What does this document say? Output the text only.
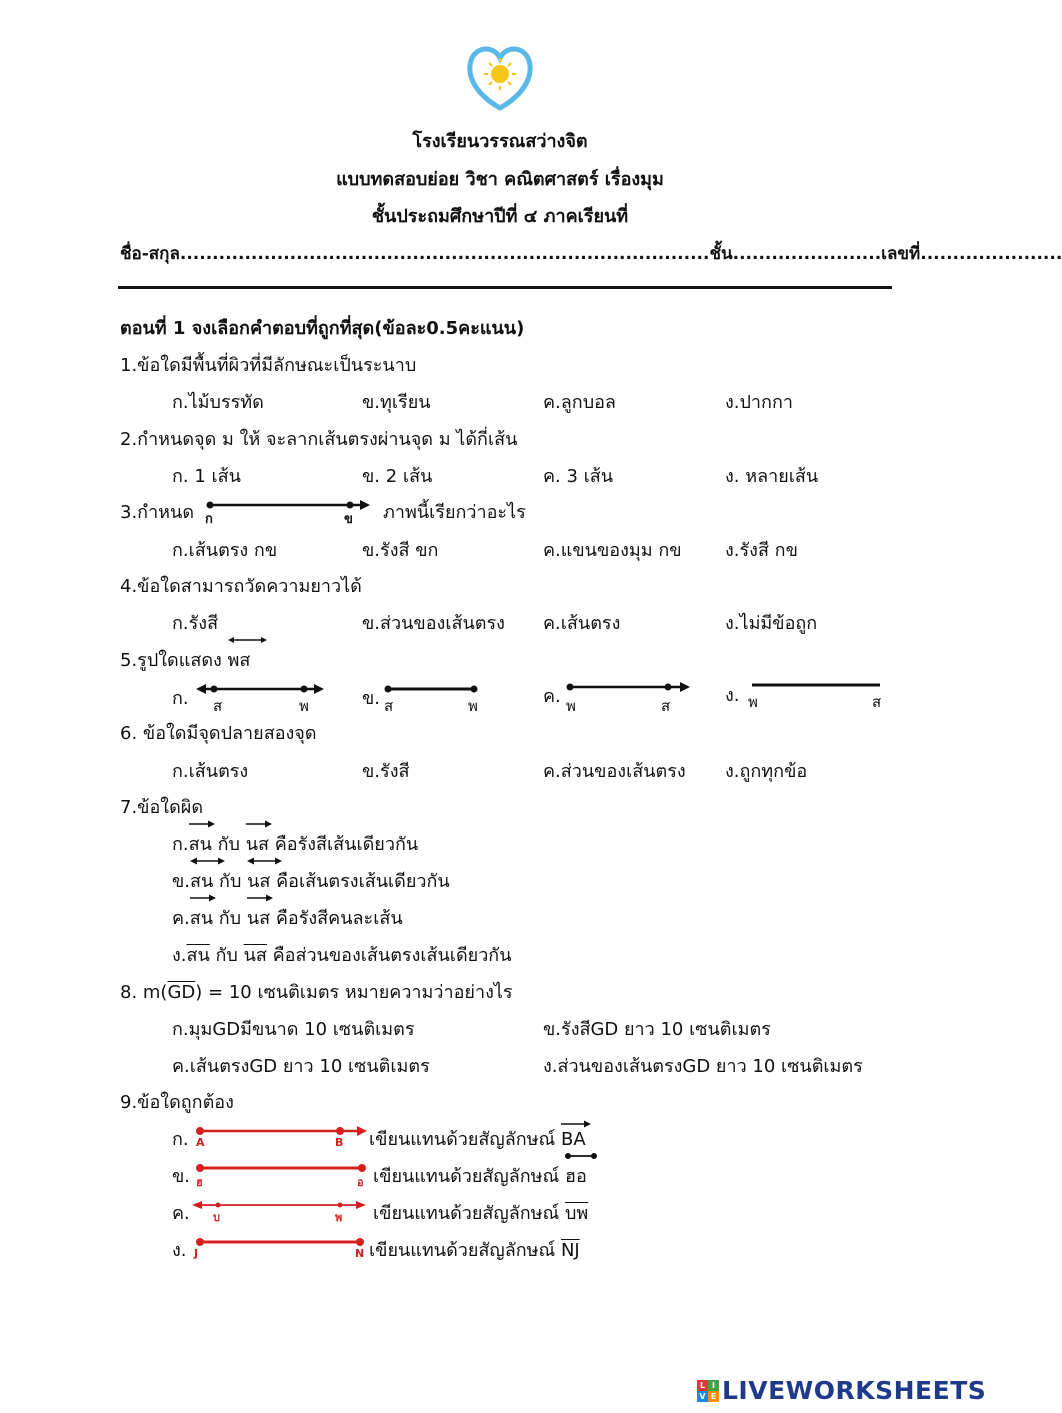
โรงเรียนวรรณสว่างจิต
แบบทดสอบย่อย วิชา คณิตศาสตร์ เรื่องมุม
ชั้นประถมศึกษาปีที่ ๔ ภาคเรียนที่
ชื่อ-สกุล..................................................................................ชั้น.......................เลขที่......................
ตอนที่ 1 จงเลือกคำตอบที่ถูกที่สุด(ข้อละ0.5คะแนน)
1.ข้อใดมีพื้นที่ผิวที่มีลักษณะเป็นระนาบ
ก.ไม้บรรทัด	ข.ทุเรียน	ค.ลูกบอล	ง.ปากกา
2.กำหนดจุด ม ให้ จะลากเส้นตรงผ่านจุด ม ได้กี่เส้น
ก. 1 เส้น	ข. 2 เส้น	ค. 3 เส้น	ง. หลายเส้น
3.กำหนด ก	ข ภาพนี้เรียกว่าอะไร
ก.เส้นตรง กข	ข.รังสี ขก	ค.แขนของมุม กข ง.รังสี กข
4.ข้อใดสามารถวัดความยาวได้
ก.รังสี	ข.ส่วนของเส้นตรง ค.เส้นตรง	ง.ไม่มีข้อถูก
5.รูปใดแสดง พส
ก. ส	พ	ข. ส	พ	ค. พ	ส	ง. พ	ส
6. ข้อใดมีจุดปลายสองจุด
ก.เส้นตรง	ข.รังสี	ค.ส่วนของเส้นตรง ง.ถูกทุกข้อ
7.ข้อใดผิด
ก.
สน กับ
นส คือรังสีเส้นเดียวกัน
ข.
สน กับ
นส คือเส้นตรงเส้นเดียวกัน
ค.
สน กับ
นส คือรังสีคนละเส้น
ง.สน กับ นส คือส่วนของเส้นตรงเส้นเดียวกัน
8. $m(\overline{GD}) = 10$ เซนติเมตร หมายความว่าอย่างไร
ก.มุมGDมีขนาด 10 เซนติเมตร	ข.รังสีGD ยาว 10 เซนติเมตร
ค.เส้นตรงGD ยาว 10 เซนติเมตร	ง.ส่วนของเส้นตรงGD ยาว 10 เซนติเมตร
9.ข้อใดถูกต้อง
ก. A	B เขียนแทนด้วยสัญลักษณ์
BA
ข. ฮ	อ เขียนแทนด้วยสัญลักษณ์
ฮอ
ค. บ	พ เขียนแทนด้วยสัญลักษณ์ บพ
ง. J	N เขียนแทนด้วยสัญลักษณ์ $\overline{NJ}$
L I
V E LIVEWORKSHEETS
